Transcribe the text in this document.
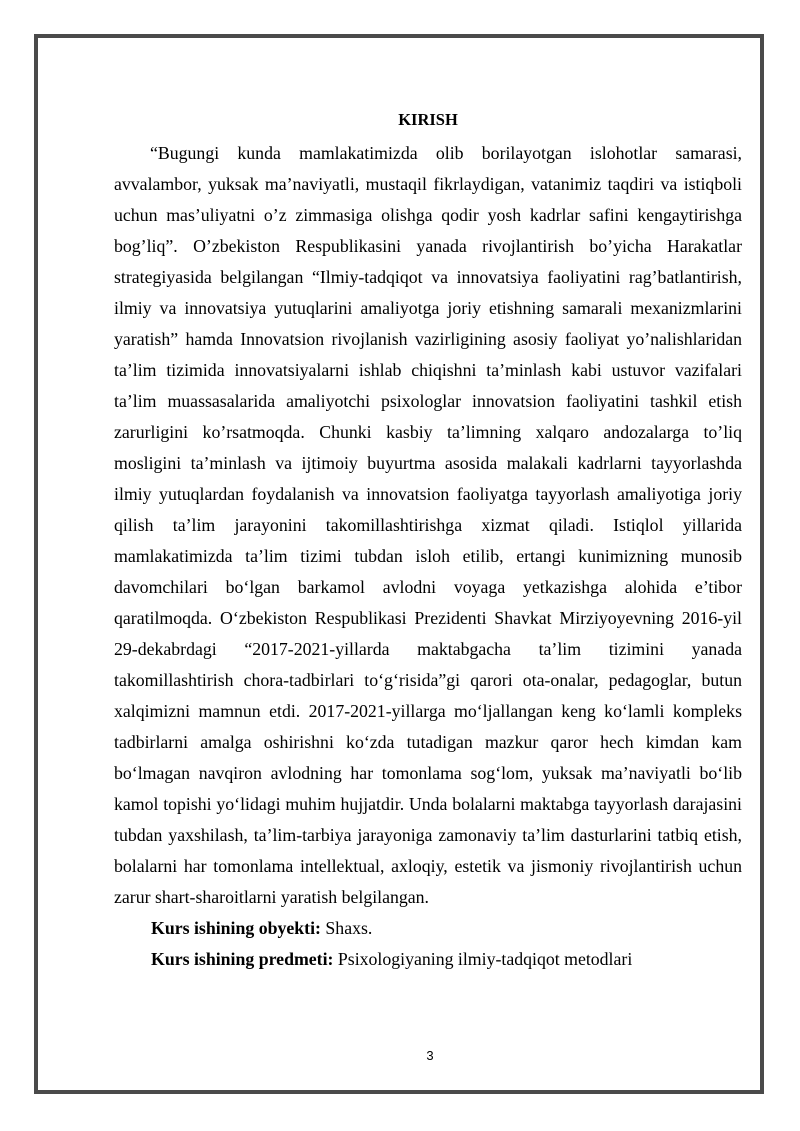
KIRISH

“Bugungi kunda mamlakatimizda olib borilayotgan islohotlar samarasi, avvalambor, yuksak ma’naviyatli, mustaqil fikrlaydigan, vatanimiz taqdiri va istiqboli uchun mas’uliyatni o’z zimmasiga olishga qodir yosh kadrlar safini kengaytirishga bog’liq”. O’zbekiston Respublikasini yanada rivojlantirish bo’yicha Harakatlar strategiyasida belgilangan “Ilmiy-tadqiqot va innovatsiya faoliyatini rag’batlantirish, ilmiy va innovatsiya yutuqlarini amaliyotga joriy etishning samarali mexanizmlarini yaratish” hamda Innovatsion rivojlanish vazirligining asosiy faoliyat yo’nalishlaridan ta’lim tizimida innovatsiyalarni ishlab chiqishni ta’minlash kabi ustuvor vazifalari ta’lim muassasalarida amaliyotchi psixologlar innovatsion faoliyatini tashkil etish zarurligini ko’rsatmoqda. Chunki kasbiy ta’limning xalqaro andozalarga to’liq mosligini ta’minlash va ijtimoiy buyurtma asosida malakali kadrlarni tayyorlashda ilmiy yutuqlardan foydalanish va innovatsion faoliyatga tayyorlash amaliyotiga joriy qilish ta’lim jarayonini takomillashtirishga xizmat qiladi. Istiqlol yillarida mamlakatimizda ta’lim tizimi tubdan isloh etilib, ertangi kunimizning munosib davomchilari bo‘lgan barkamol avlodni voyaga yetkazishga alohida e’tibor qaratilmoqda. O‘zbekiston Respublikasi Prezidenti Shavkat Mirziyoyevning 2016-yil 29-dekabrdagi “2017-2021-yillarda maktabgacha ta’lim tizimini yanada takomillashtirish chora-tadbirlari to‘g‘risida”gi qarori ota-onalar, pedagoglar, butun xalqimizni mamnun etdi. 2017-2021-yillarga mo‘ljallangan keng ko‘lamli kompleks tadbirlarni amalga oshirishni ko‘zda tutadigan mazkur qaror hech kimdan kam bo‘lmagan navqiron avlodning har tomonlama sog‘lom, yuksak ma’naviyatli bo‘lib kamol topishi yo‘lidagi muhim hujjatdir. Unda bolalarni maktabga tayyorlash darajasini tubdan yaxshilash, ta’lim-tarbiya jarayoniga zamonaviy ta’lim dasturlarini tatbiq etish, bolalarni har tomonlama intellektual, axloqiy, estetik va jismoniy rivojlantirish uchun zarur shart-sharoitlarni yaratish belgilangan.

Kurs ishining obyekti: Shaxs.

Kurs ishining predmeti: Psixologiyaning ilmiy-tadqiqot metodlari

3
